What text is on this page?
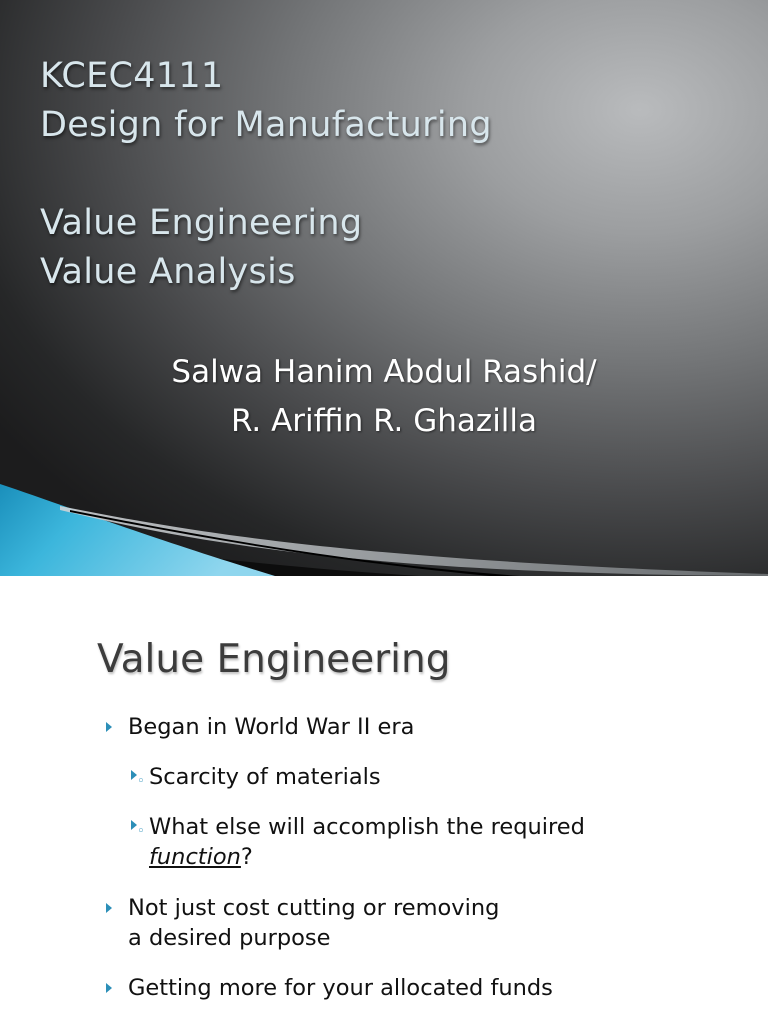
KCEC4111
Design for Manufacturing
Value Engineering
Value Analysis
Salwa Hanim Abdul Rashid/
R. Ariffin R. Ghazilla
Value Engineering
Began in World War II era
◦ Scarcity of materials
◦ What else will accomplish the required
function?
Not just cost cutting or removing
a desired purpose
Getting more for your allocated funds
